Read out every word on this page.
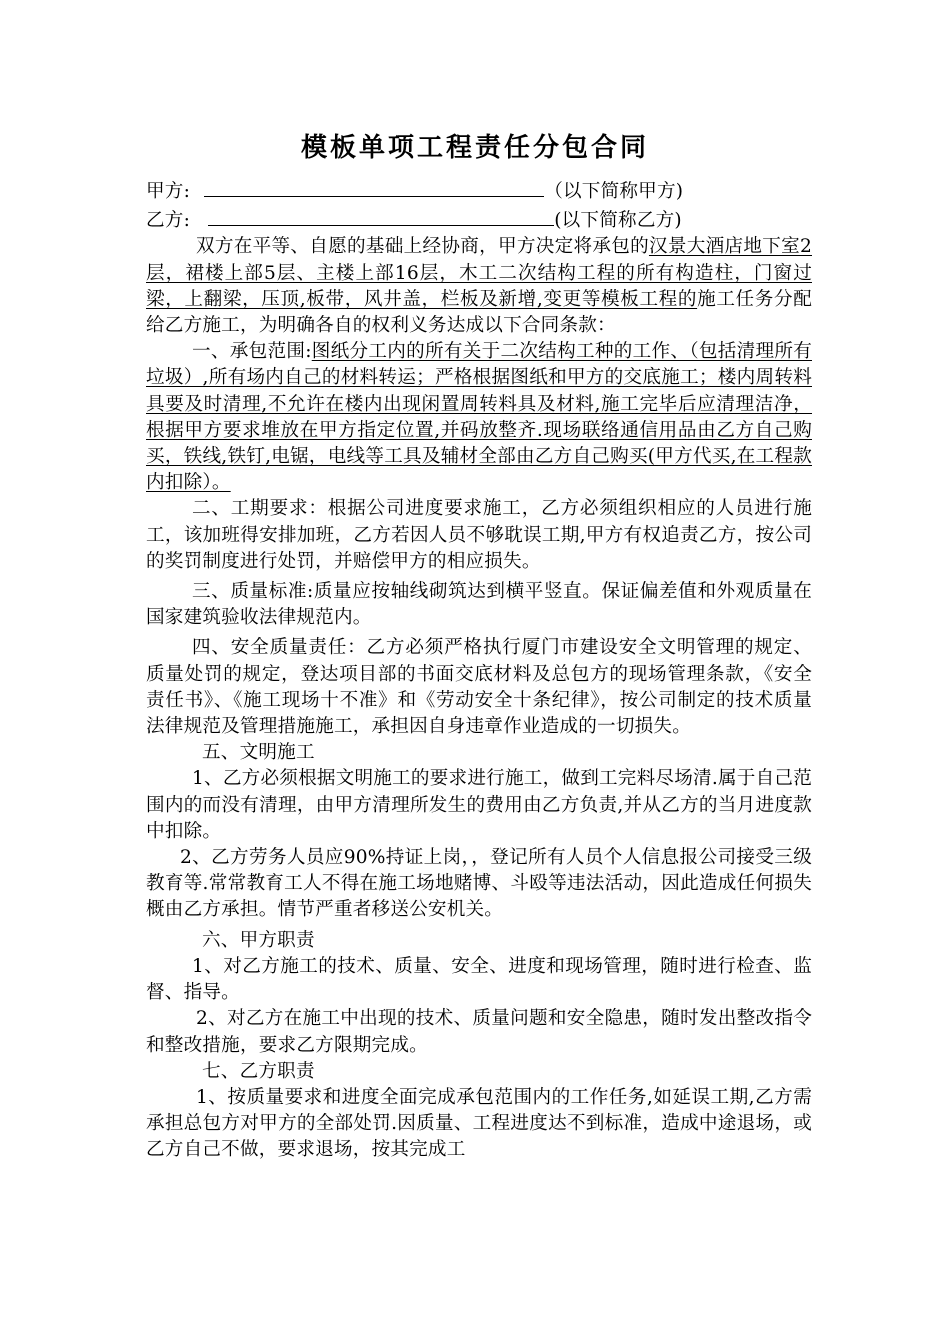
模板单项工程责任分包合同

甲方:	（以下简称甲方)

乙方:	(以下简称乙方)

双方在平等、自愿的基础上经协商，甲方决定将承包的汉景大酒店地下室2层，裙楼上部5层、主楼上部16层，木工二次结构工程的所有构造柱，门窗过梁，上翻梁，压顶,板带，风井盖，栏板及新增,变更等模板工程的施工任务分配给乙方施工，为明确各自的权利义务达成以下合同条款：

一、承包范围:图纸分工内的所有关于二次结构工种的工作、（包括清理所有垃圾）,所有场内自己的材料转运；严格根据图纸和甲方的交底施工；楼内周转料具要及时清理,不允许在楼内出现闲置周转料具及材料,施工完毕后应清理洁净，根据甲方要求堆放在甲方指定位置,并码放整齐.现场联络通信用品由乙方自己购买，铁线,铁钉,电锯，电线等工具及辅材全部由乙方自己购买(甲方代买,在工程款内扣除）。

二、工期要求：根据公司进度要求施工，乙方必须组织相应的人员进行施工，该加班得安排加班，乙方若因人员不够耽误工期,甲方有权追责乙方，按公司的奖罚制度进行处罚，并赔偿甲方的相应损失。

三、质量标准:质量应按轴线砌筑达到横平竖直。保证偏差值和外观质量在国家建筑验收法律规范内。

四、安全质量责任：乙方必须严格执行厦门市建设安全文明管理的规定、质量处罚的规定，登达项目部的书面交底材料及总包方的现场管理条款，《安全责任书》、《施工现场十不准》和《劳动安全十条纪律》，按公司制定的技术质量法律规范及管理措施施工，承担因自身违章作业造成的一切损失。

五、文明施工

1、乙方必须根据文明施工的要求进行施工，做到工完料尽场清.属于自己范围内的而没有清理，由甲方清理所发生的费用由乙方负责,并从乙方的当月进度款中扣除。

2、乙方劳务人员应90%持证上岗，，登记所有人员个人信息报公司接受三级教育等.常常教育工人不得在施工场地赌博、斗殴等违法活动，因此造成任何损失概由乙方承担。情节严重者移送公安机关。

六、甲方职责

1、对乙方施工的技术、质量、安全、进度和现场管理，随时进行检查、监督、指导。

2、对乙方在施工中出现的技术、质量问题和安全隐患，随时发出整改指令和整改措施，要求乙方限期完成。

七、乙方职责

1、按质量要求和进度全面完成承包范围内的工作任务,如延误工期,乙方需承担总包方对甲方的全部处罚.因质量、工程进度达不到标准，造成中途退场，或乙方自己不做，要求退场，按其完成工
